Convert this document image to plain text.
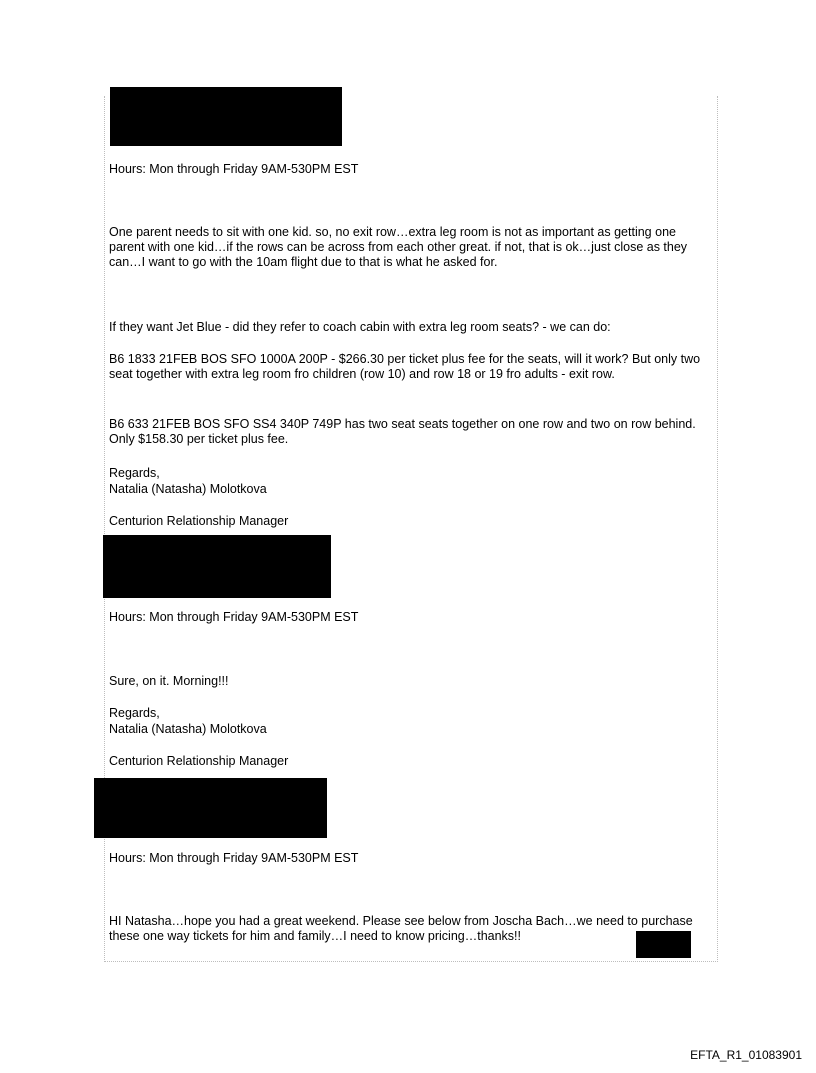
Hours: Mon through Friday 9AM-530PM EST
One parent needs to sit with one kid. so, no exit row…extra leg room is not as important as getting one parent with one kid…if the rows can be across from each other great. if not, that is ok…just close as they can…I want to go with the 10am flight due to that is what he asked for.
If they want Jet Blue - did they refer to coach cabin with extra leg room seats? - we can do:
B6 1833 21FEB BOS SFO 1000A 200P - $266.30 per ticket plus fee for the seats, will it work? But only two seat together with extra leg room fro children (row 10) and row 18 or 19 fro adults - exit row.
B6 633 21FEB BOS SFO SS4 340P 749P has two seat seats together on one row and two on row behind. Only $158.30 per ticket plus fee.
Regards,
Natalia (Natasha) Molotkova
Centurion Relationship Manager
Hours: Mon through Friday 9AM-530PM EST
Sure, on it. Morning!!!
Regards,
Natalia (Natasha) Molotkova
Centurion Relationship Manager
Hours: Mon through Friday 9AM-530PM EST
HI Natasha…hope you had a great weekend. Please see below from Joscha Bach…we need to purchase these one way tickets for him and family…I need to know pricing…thanks!!
EFTA_R1_01083901
